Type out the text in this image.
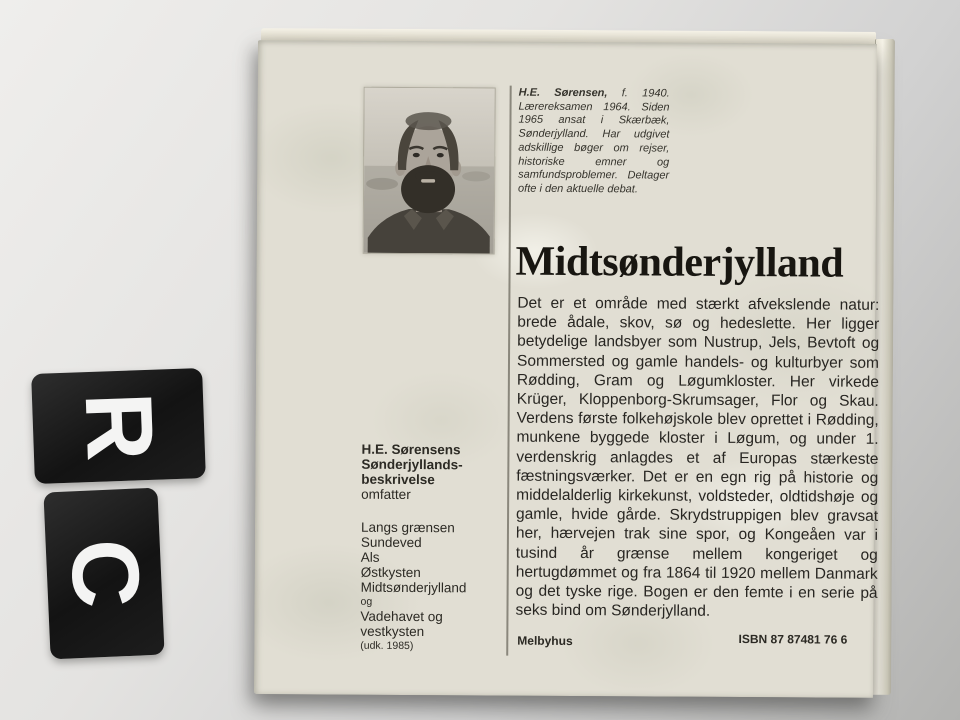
R
C

H.E. Sørensen, f. 1940. Lærereksamen 1964. Siden 1965 ansat i Skærbæk, Sønderjylland. Har udgivet adskillige bøger om rejser, historiske emner og samfundsproblemer. Deltager ofte i den aktuelle debat.

Midtsønderjylland

Det er et område med stærkt afvekslende natur: brede ådale, skov, sø og hedeslette. Her ligger betydelige landsbyer som Nustrup, Jels, Bevtoft og Sommersted og gamle handels- og kulturbyer som Rødding, Gram og Løgumkloster. Her virkede Krüger, Kloppenborg-Skrumsager, Flor og Skau. Verdens første folkehøjskole blev oprettet i Rødding, munkene byggede kloster i Løgum, og under 1. verdenskrig anlagdes et af Europas stærkeste fæstningsværker. Det er en egn rig på historie og middelalderlig kirkekunst, voldsteder, oldtidshøje og gamle, hvide gårde. Skrydstruppigen blev gravsat her, hærvejen trak sine spor, og Kongeåen var i tusind år grænse mellem kongeriget og hertugdømmet og fra 1864 til 1920 mellem Danmark og det tyske rige. Bogen er den femte i en serie på seks bind om Sønderjylland.

H.E. Sørensens
Sønderjyllands-
beskrivelse
omfatter
Langs grænsen
Sundeved
Als
Østkysten
Midtsønderjylland
og
Vadehavet og
vestkysten
(udk. 1985)	Melbyhus	ISBN 87 87481 76 6
